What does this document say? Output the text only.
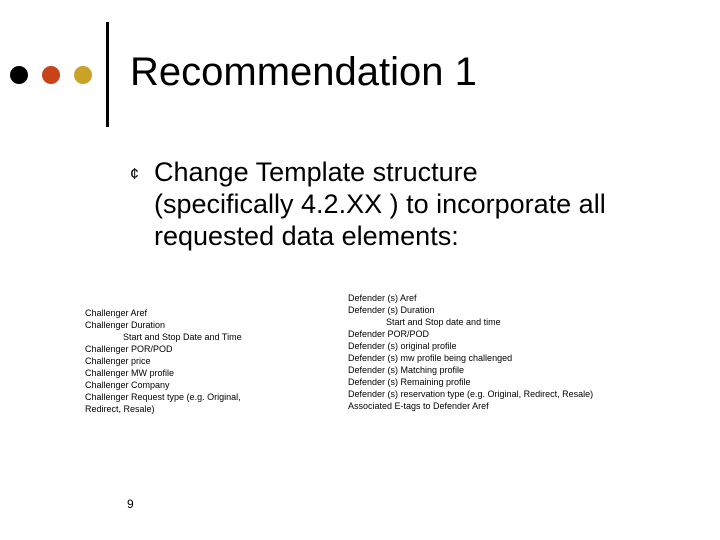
Recommendation 1
¢ Change Template structure
(specifically 4.2.XX ) to incorporate all
requested data elements:
Challenger Aref
Challenger Duration
Start and Stop Date and Time
Challenger POR/POD
Challenger price
Challenger MW profile
Challenger Company
Challenger Request type (e.g. Original,
Redirect, Resale)
Defender (s) Aref
Defender (s) Duration
Start and Stop date and time
Defender POR/POD
Defender (s) original profile
Defender (s) mw profile being challenged
Defender (s) Matching profile
Defender (s) Remaining profile
Defender (s) reservation type (e.g. Original, Redirect, Resale)
Associated E-tags to Defender Aref
9
